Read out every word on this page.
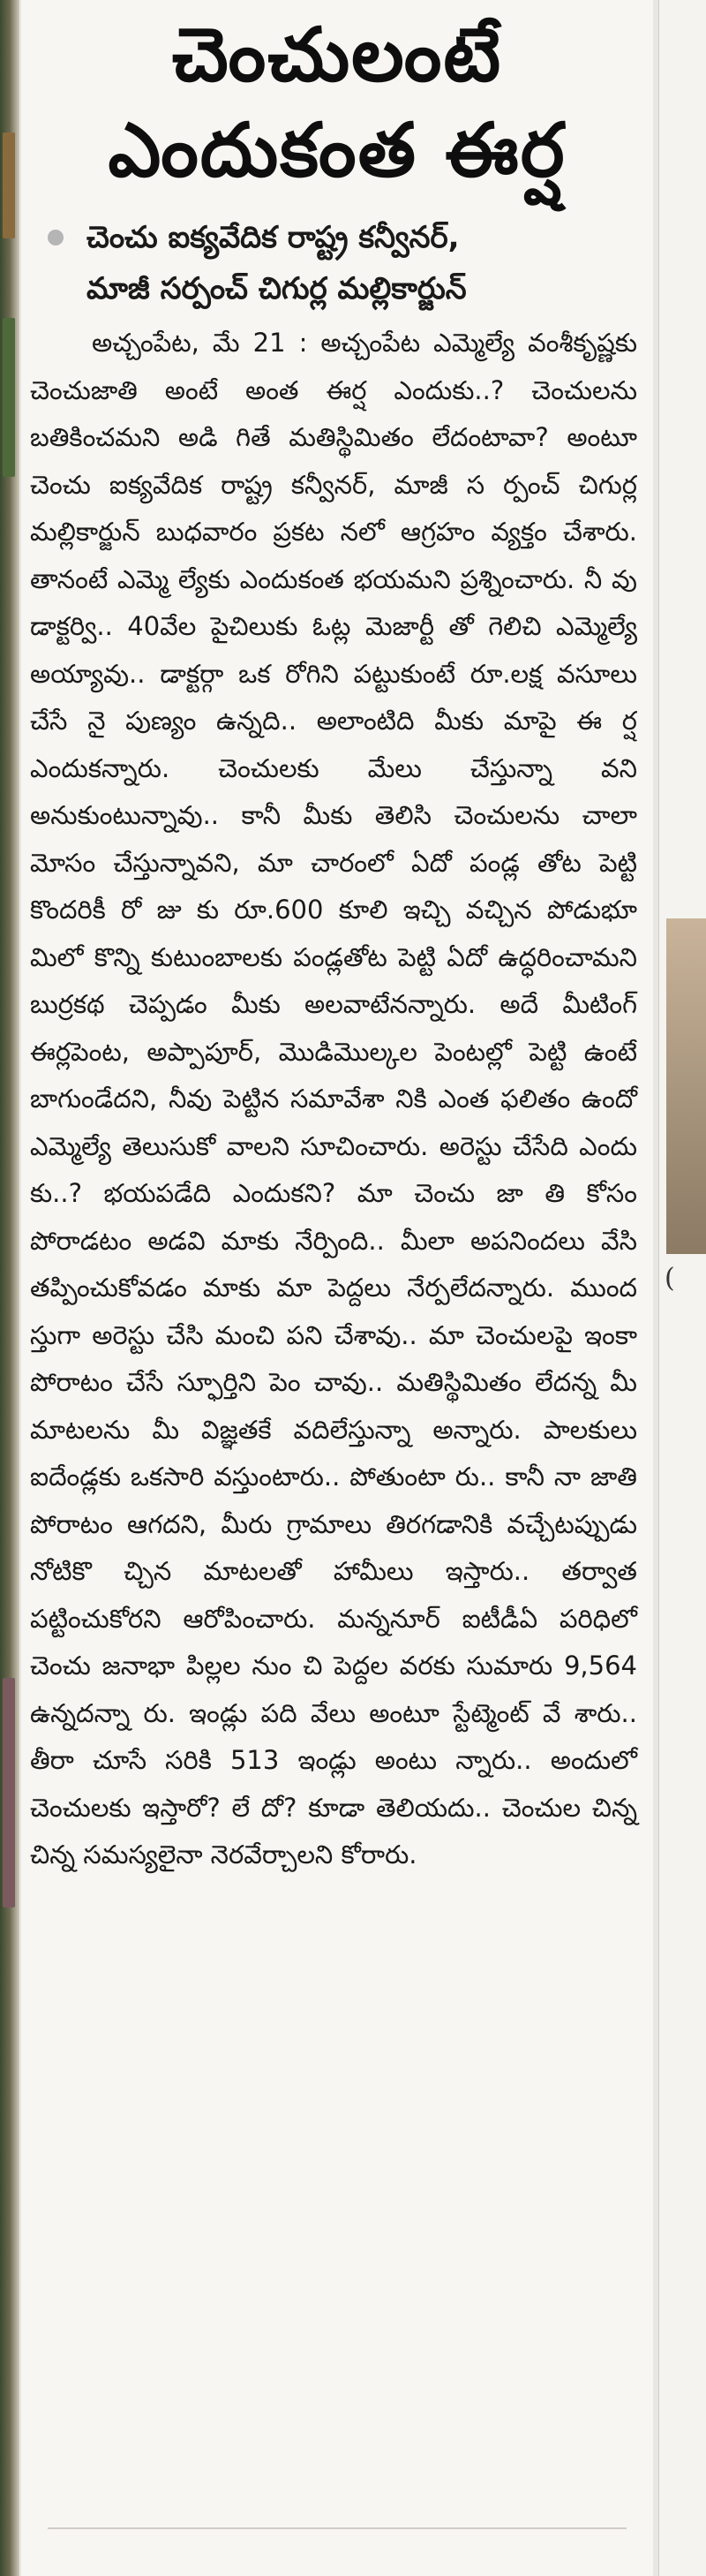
చెంచులంటే
ఎందుకంత ఈర్ష
చెంచు ఐక్యవేదిక రాష్ట్ర కన్వీనర్,
మాజీ సర్పంచ్ చిగుర్ల మల్లికార్జున్

అచ్చంపేట, మే 21 : అచ్చంపేట ఎమ్మెల్యే వంశీకృష్ణకు చెంచుజాతి అంటే అంత ఈర్ష ఎందుకు..? చెంచులను బతికించమని అడి గితే మతిస్థిమితం లేదంటావా? అంటూ చెంచు ఐక్యవేదిక రాష్ట్ర కన్వీనర్, మాజీ స ర్పంచ్ చిగుర్ల మల్లికార్జున్ బుధవారం ప్రకట నలో ఆగ్రహం వ్యక్తం చేశారు. తానంటే ఎమ్మె ల్యేకు ఎందుకంత భయమని ప్రశ్నించారు. నీ వు డాక్టర్వి.. 40వేల పైచిలుకు ఓట్ల మెజార్టీ తో గెలిచి ఎమ్మెల్యే అయ్యావు.. డాక్టర్గా ఒక రోగిని పట్టుకుంటే రూ.లక్ష వసూలు చేసే నై పుణ్యం ఉన్నది.. అలాంటిది మీకు మాపై ఈ ర్ష ఎందుకన్నారు. చెంచులకు మేలు చేస్తున్నా వని అనుకుంటున్నావు.. కానీ మీకు తెలిసి చెంచులను చాలా మోసం చేస్తున్నావని, మా చారంలో ఏదో పండ్ల తోట పెట్టి కొందరికీ రో జు కు రూ.600 కూలి ఇచ్చి వచ్చిన పోడుభూ మిలో కొన్ని కుటుంబాలకు పండ్లతోట పెట్టి ఏదో ఉద్ధరించామని బుర్రకథ చెప్పడం మీకు అలవాటేనన్నారు. అదే మీటింగ్ ఈర్లపెంట, అప్పాపూర్, మొడిమొల్కల పెంటల్లో పెట్టి ఉంటే బాగుండేదని, నీవు పెట్టిన సమావేశా నికి ఎంత ఫలితం ఉందో ఎమ్మెల్యే తెలుసుకో వాలని సూచించారు. అరెస్టు చేసేది ఎందు కు..? భయపడేది ఎందుకని? మా చెంచు జా తి కోసం పోరాడటం అడవి మాకు నేర్పింది.. మీలా అపనిందలు వేసి తప్పించుకోవడం మాకు మా పెద్దలు నేర్పలేదన్నారు. ముంద స్తుగా అరెస్టు చేసి మంచి పని చేశావు.. మా చెంచులపై ఇంకా పోరాటం చేసే స్ఫూర్తిని పెం చావు.. మతిస్థిమితం లేదన్న మీ మాటలను మీ విజ్ఞతకే వదిలేస్తున్నా అన్నారు. పాలకులు ఐదేండ్లకు ఒకసారి వస్తుంటారు.. పోతుంటా రు.. కానీ నా జాతి పోరాటం ఆగదని, మీరు గ్రామాలు తిరగడానికి వచ్చేటప్పుడు నోటికొ చ్చిన మాటలతో హామీలు ఇస్తారు.. తర్వాత పట్టించుకోరని ఆరోపించారు. మన్ననూర్ ఐటీడీఏ పరిధిలో చెంచు జనాభా పిల్లల నుం చి పెద్దల వరకు సుమారు 9,564 ఉన్నదన్నా రు. ఇండ్లు పది వేలు అంటూ స్టేట్మెంట్ వే శారు.. తీరా చూసే సరికి 513 ఇండ్లు అంటు న్నారు.. అందులో చెంచులకు ఇస్తారో? లే దో? కూడా తెలియదు.. చెంచుల చిన్న చిన్న సమస్యలైనా నెరవేర్చాలని కోరారు.

(
